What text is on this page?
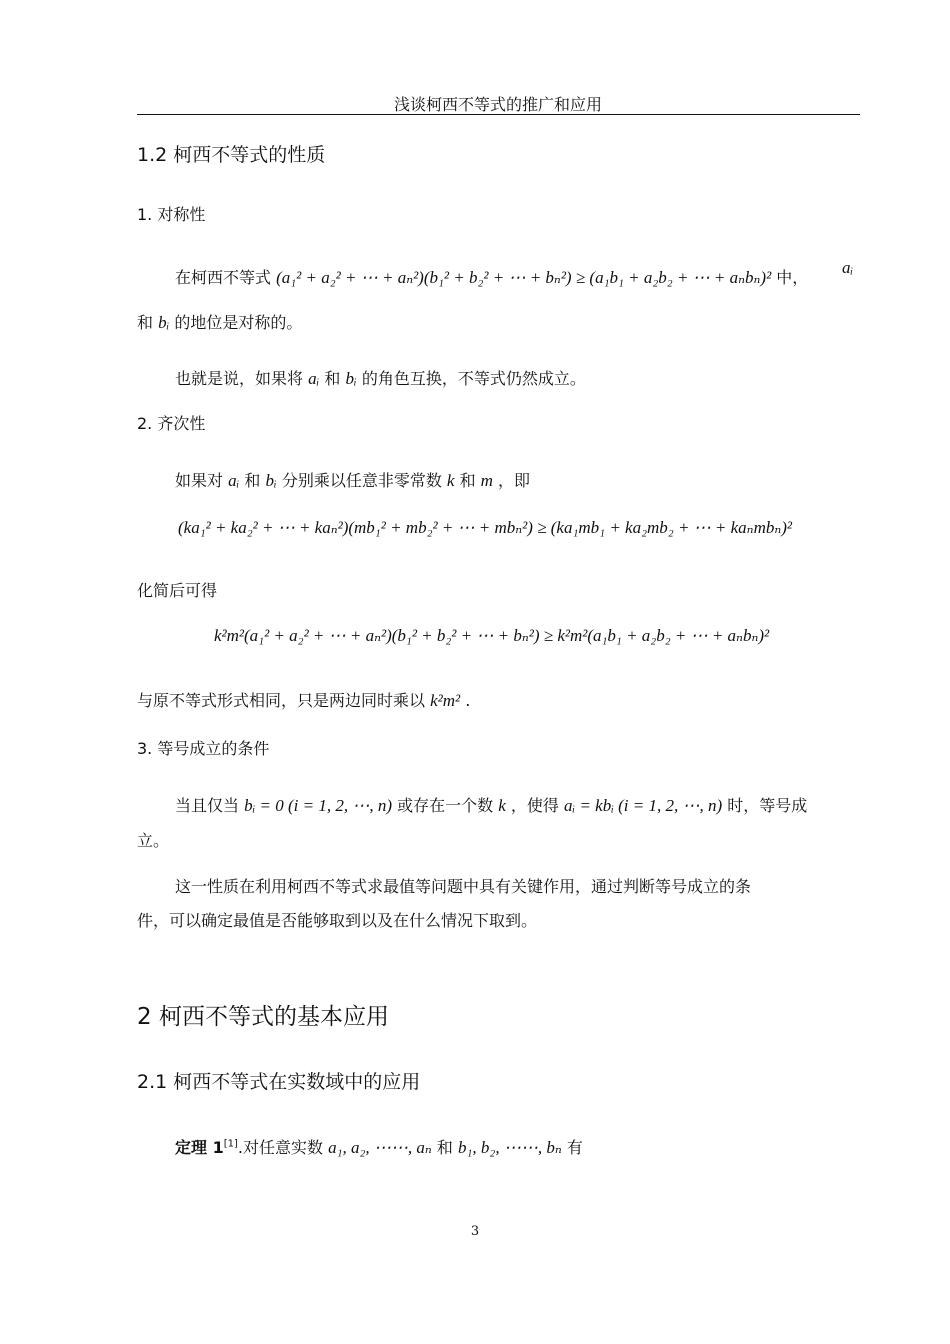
浅谈柯西不等式的推广和应用
1.2 柯西不等式的性质
1. 对称性
在柯西不等式 (a₁² + a₂² + ⋯ + aₙ²)(b₁² + b₂² + ⋯ + bₙ²) ≥ (a₁b₁ + a₂b₂ + ⋯ + aₙbₙ)² 中，
aᵢ
和 bᵢ 的地位是对称的。
也就是说，如果将 aᵢ 和 bᵢ 的角色互换，不等式仍然成立。
2. 齐次性
如果对 aᵢ 和 bᵢ 分别乘以任意非零常数 k 和 m ，即
(ka₁² + ka₂² + ⋯ + kaₙ²)(mb₁² + mb₂² + ⋯ + mbₙ²) ≥ (ka₁mb₁ + ka₂mb₂ + ⋯ + kaₙmbₙ)²
化简后可得
k²m²(a₁² + a₂² + ⋯ + aₙ²)(b₁² + b₂² + ⋯ + bₙ²) ≥ k²m²(a₁b₁ + a₂b₂ + ⋯ + aₙbₙ)²
与原不等式形式相同，只是两边同时乘以 k²m² .
3. 等号成立的条件
当且仅当 bᵢ = 0 (i = 1, 2, ⋯, n) 或存在一个数 k ，使得 aᵢ = kbᵢ (i = 1, 2, ⋯, n) 时，等号成
立。
这一性质在利用柯西不等式求最值等问题中具有关键作用，通过判断等号成立的条
件，可以确定最值是否能够取到以及在什么情况下取到。
2 柯西不等式的基本应用
2.1 柯西不等式在实数域中的应用
定理 1[1].对任意实数 a₁, a₂, ⋯⋯, aₙ 和 b₁, b₂, ⋯⋯, bₙ 有
3
